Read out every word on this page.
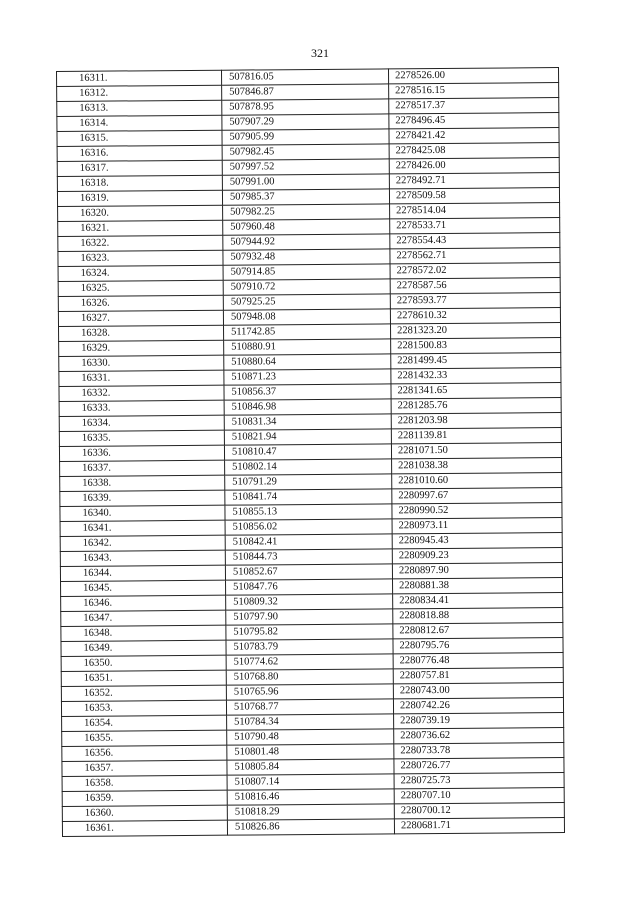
321
16311.	507816.05	2278526.00
16312.	507846.87	2278516.15
16313.	507878.95	2278517.37
16314.	507907.29	2278496.45
16315.	507905.99	2278421.42
16316.	507982.45	2278425.08
16317.	507997.52	2278426.00
16318.	507991.00	2278492.71
16319.	507985.37	2278509.58
16320.	507982.25	2278514.04
16321.	507960.48	2278533.71
16322.	507944.92	2278554.43
16323.	507932.48	2278562.71
16324.	507914.85	2278572.02
16325.	507910.72	2278587.56
16326.	507925.25	2278593.77
16327.	507948.08	2278610.32
16328.	511742.85	2281323.20
16329.	510880.91	2281500.83
16330.	510880.64	2281499.45
16331.	510871.23	2281432.33
16332.	510856.37	2281341.65
16333.	510846.98	2281285.76
16334.	510831.34	2281203.98
16335.	510821.94	2281139.81
16336.	510810.47	2281071.50
16337.	510802.14	2281038.38
16338.	510791.29	2281010.60
16339.	510841.74	2280997.67
16340.	510855.13	2280990.52
16341.	510856.02	2280973.11
16342.	510842.41	2280945.43
16343.	510844.73	2280909.23
16344.	510852.67	2280897.90
16345.	510847.76	2280881.38
16346.	510809.32	2280834.41
16347.	510797.90	2280818.88
16348.	510795.82	2280812.67
16349.	510783.79	2280795.76
16350.	510774.62	2280776.48
16351.	510768.80	2280757.81
16352.	510765.96	2280743.00
16353.	510768.77	2280742.26
16354.	510784.34	2280739.19
16355.	510790.48	2280736.62
16356.	510801.48	2280733.78
16357.	510805.84	2280726.77
16358.	510807.14	2280725.73
16359.	510816.46	2280707.10
16360.	510818.29	2280700.12
16361.	510826.86	2280681.71
